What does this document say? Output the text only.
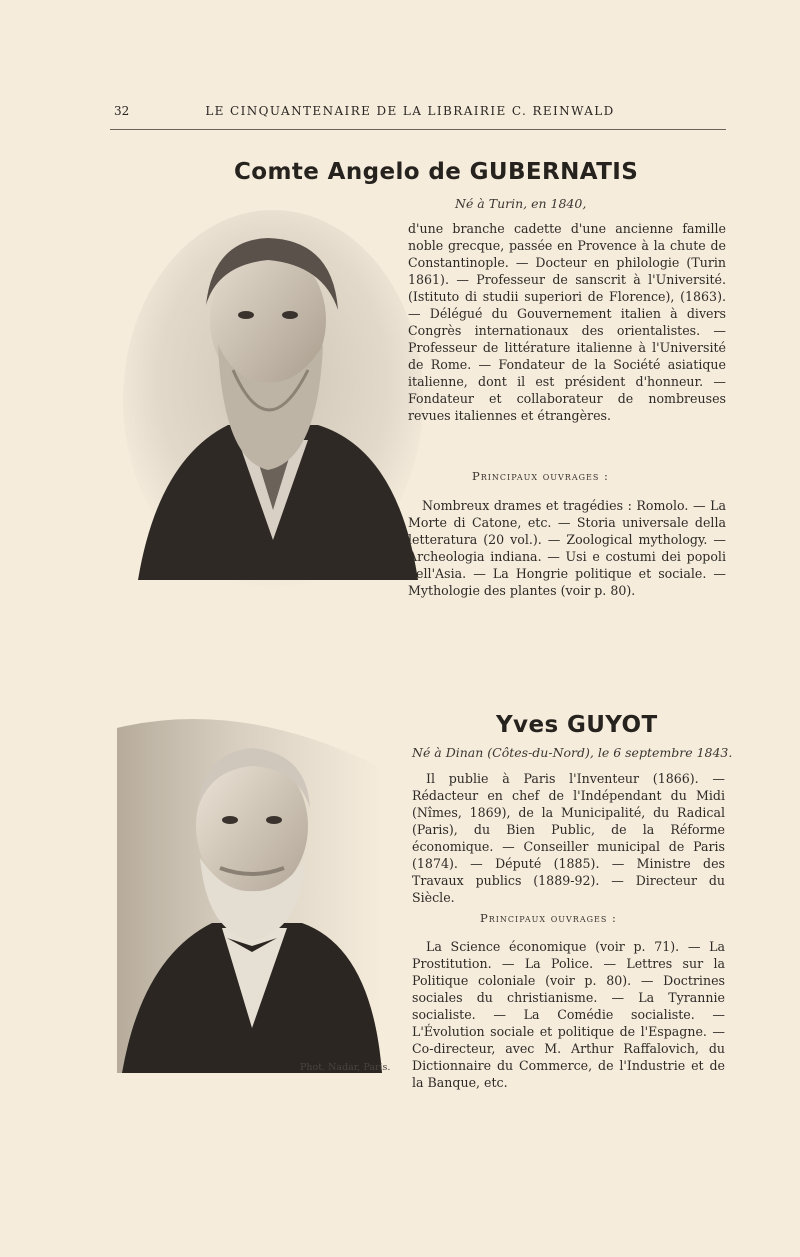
32	LE CINQUANTENAIRE DE LA LIBRAIRIE C. REINWALD
Comte Angelo de GUBERNATIS
Né à Turin, en 1840,
d'une branche cadette d'une ancienne famille noble grecque, passée en Provence à la chute de Constantinople. — Docteur en philologie (Turin 1861). — Professeur de sanscrit à l'Université. (Istituto di studii superiori de Florence), (1863). — Délégué du Gouvernement italien à divers Congrès internationaux des orientalistes. — Professeur de littérature italienne à l'Université de Rome. — Fondateur de la Société asiatique italienne, dont il est président d'honneur. — Fondateur et collaborateur de nombreuses revues italiennes et étrangères.
Principaux ouvrages :
Nombreux drames et tragédies : Romolo. — La Morte di Catone, etc. — Storia universale della letteratura (20 vol.). — Zoological mythology. — Archeologia indiana. — Usi e costumi dei popoli dell'Asia. — La Hongrie politique et sociale. — Mythologie des plantes (voir p. 80).
Yves GUYOT
Né à Dinan (Côtes-du-Nord), le 6 septembre 1843.
Il publie à Paris l'Inventeur (1866). — Rédacteur en chef de l'Indépendant du Midi (Nîmes, 1869), de la Municipalité, du Radical (Paris), du Bien Public, de la Réforme économique. — Conseiller municipal de Paris (1874). — Député (1885). — Ministre des Travaux publics (1889-92). — Directeur du Siècle.
Principaux ouvrages :
La Science économique (voir p. 71). — La Prostitution. — La Police. — Lettres sur la Politique coloniale (voir p. 80). — Doctrines sociales du christianisme. — La Tyrannie socialiste. — La Comédie socialiste. — L'Évolution sociale et politique de l'Espagne. — Co-directeur, avec M. Arthur Raffalovich, du Dictionnaire du Commerce, de l'Industrie et de la Banque, etc.
Phot. Nadar, Paris.
